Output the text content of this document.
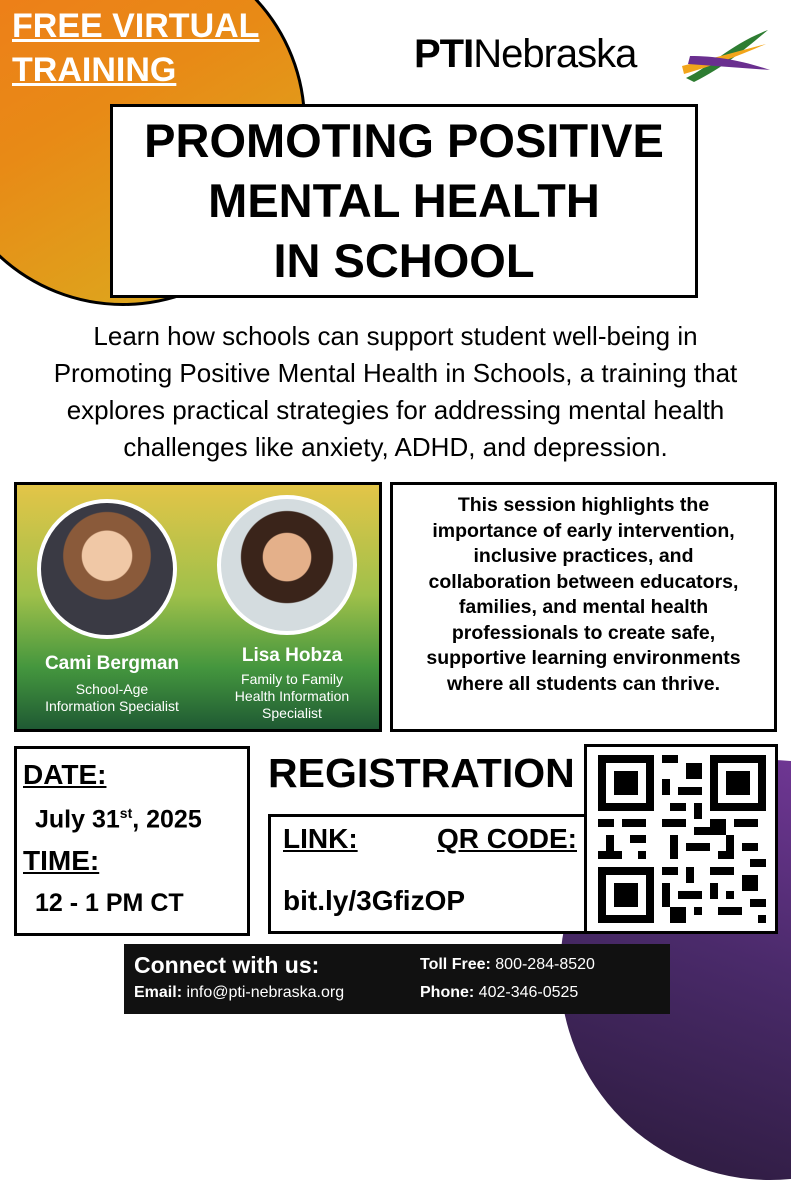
FREE VIRTUAL
TRAINING	PTINebraska
PROMOTING POSITIVE
MENTAL HEALTH
IN SCHOOL
Learn how schools can support student well-being in
Promoting Positive Mental Health in Schools, a training that
explores practical strategies for addressing mental health
challenges like anxiety, ADHD, and depression.
Cami Bergman
School-Age
Information Specialist
Lisa Hobza
Family to Family
Health Information
Specialist
This session highlights the
importance of early intervention,
inclusive practices, and
collaboration between educators,
families, and mental health
professionals to create safe,
supportive learning environments
where all students can thrive.
DATE:
July 31st, 2025
TIME:
12 - 1 PM CT
REGISTRATION
LINK:	QR CODE:
bit.ly/3GfizOP
Connect with us:
Email: info@pti-nebraska.org
Toll Free: 800-284-8520
Phone: 402-346-0525
